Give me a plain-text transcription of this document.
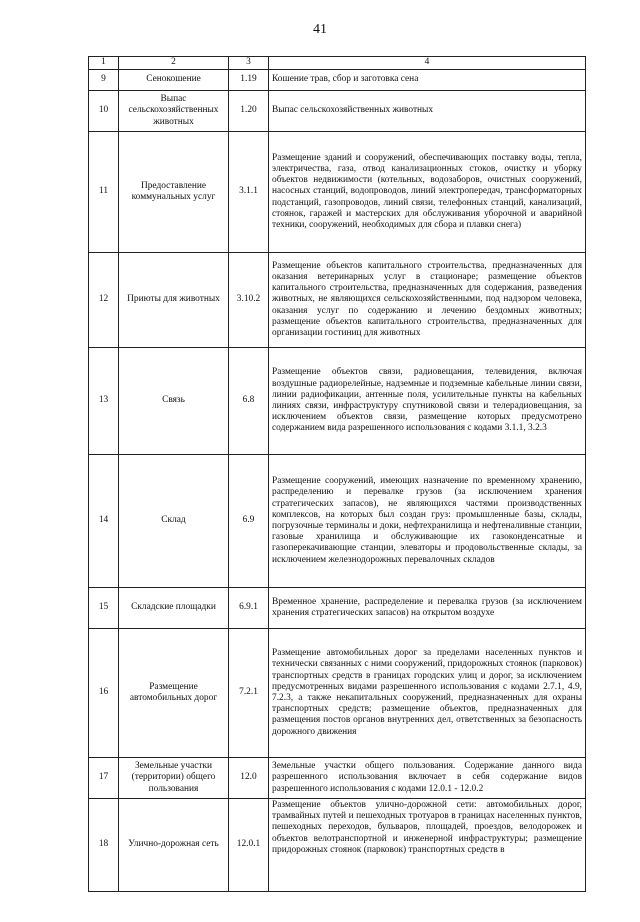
41
1	2	3	4
9	Сенокошение	1.19	Кошение трав, сбор и заготовка сена
10	Выпас сельскохозяйственных животных	1.20	Выпас сельскохозяйственных животных
11	Предоставление коммунальных услуг	3.1.1	Размещение зданий и сооружений, обеспечивающих поставку воды, тепла, электричества, газа, отвод канализационных стоков, очистку и уборку объектов недвижимости (котельных, водозаборов, очистных сооружений, насосных станций, водопроводов, линий электропередач, трансформаторных подстанций, газопроводов, линий связи, телефонных станций, канализаций, стоянок, гаражей и мастерских для обслуживания уборочной и аварийной техники, сооружений, необходимых для сбора и плавки снега)
12	Приюты для животных	3.10.2	Размещение объектов капитального строительства, предназначенных для оказания ветеринарных услуг в стационаре; размещение объектов капитального строительства, предназначенных для содержания, разведения животных, не являющихся сельскохозяйственными, под надзором человека, оказания услуг по содержанию и лечению бездомных животных; размещение объектов капитального строительства, предназначенных для организации гостиниц для животных
13	Связь	6.8	Размещение объектов связи, радиовещания, телевидения, включая воздушные радиорелейные, надземные и подземные кабельные линии связи, линии радиофикации, антенные поля, усилительные пункты на кабельных линиях связи, инфраструктуру спутниковой связи и телерадиовещания, за исключением объектов связи, размещение которых предусмотрено содержанием вида разрешенного использования с кодами 3.1.1, 3.2.3
14	Склад	6.9	Размещение сооружений, имеющих назначение по временному хранению, распределению и перевалке грузов (за исключением хранения стратегических запасов), не являющихся частями производственных комплексов, на которых был создан груз: промышленные базы, склады, погрузочные терминалы и доки, нефтехранилища и нефтеналивные станции, газовые хранилища и обслуживающие их газоконденсатные и газоперекачивающие станции, элеваторы и продовольственные склады, за исключением железнодорожных перевалочных складов
15	Складские площадки	6.9.1	Временное хранение, распределение и перевалка грузов (за исключением хранения стратегических запасов) на открытом воздухе
16	Размещение автомобильных дорог	7.2.1	Размещение автомобильных дорог за пределами населенных пунктов и технически связанных с ними сооружений, придорожных стоянок (парковок) транспортных средств в границах городских улиц и дорог, за исключением предусмотренных видами разрешенного использования с кодами 2.7.1, 4.9, 7.2.3, а также некапитальных сооружений, предназначенных для охраны транспортных средств; размещение объектов, предназначенных для размещения постов органов внутренних дел, ответственных за безопасность дорожного движения
17	Земельные участки (территории) общего пользования	12.0	Земельные участки общего пользования. Содержание данного вида разрешенного использования включает в себя содержание видов разрешенного использования с кодами 12.0.1 - 12.0.2
18	Улично-дорожная сеть	12.0.1	Размещение объектов улично-дорожной сети: автомобильных дорог, трамвайных путей и пешеходных тротуаров в границах населенных пунктов, пешеходных переходов, бульваров, площадей, проездов, велодорожек и объектов велотранспортной и инженерной инфраструктуры; размещение придорожных стоянок (парковок) транспортных средств в
